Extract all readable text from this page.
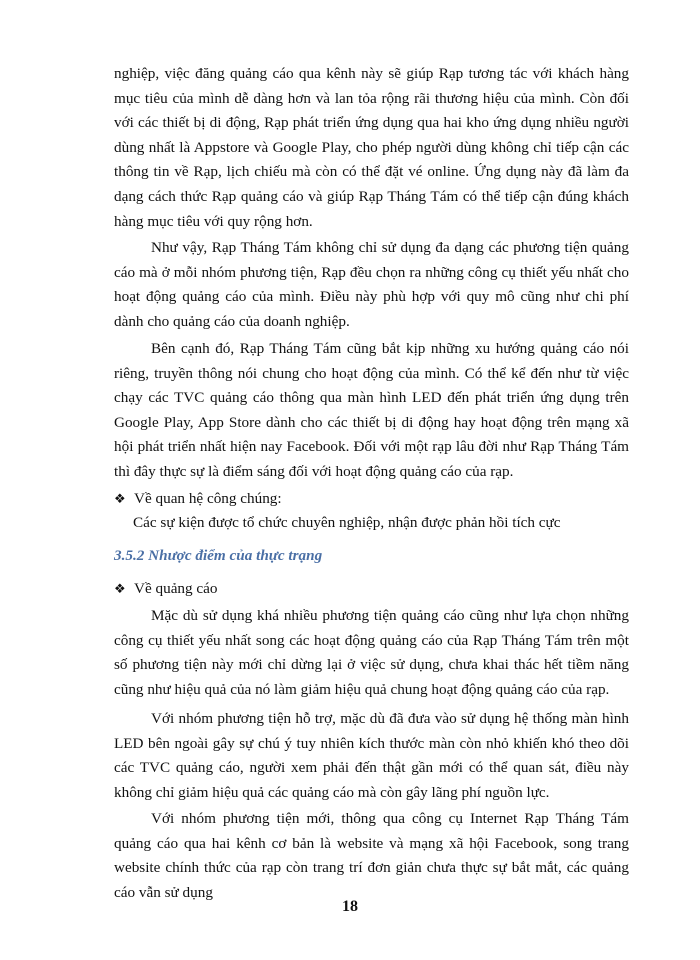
nghiệp, việc đăng quảng cáo qua kênh này sẽ giúp Rạp tương tác với khách hàng mục tiêu của mình dễ dàng hơn và lan tỏa rộng rãi thương hiệu của mình. Còn đối với các thiết bị di động, Rạp phát triển ứng dụng qua hai kho ứng dụng nhiều người dùng nhất là Appstore và Google Play, cho phép người dùng không chỉ tiếp cận các thông tin về Rạp, lịch chiếu mà còn có thể đặt vé online. Ứng dụng này đã làm đa dạng cách thức Rạp quảng cáo và giúp Rạp Tháng Tám có thể tiếp cận đúng khách hàng mục tiêu với quy rộng hơn.

Như vậy, Rạp Tháng Tám không chỉ sử dụng đa dạng các phương tiện quảng cáo mà ở mỗi nhóm phương tiện, Rạp đều chọn ra những công cụ thiết yếu nhất cho hoạt động quảng cáo của mình. Điều này phù hợp với quy mô cũng như chi phí dành cho quảng cáo của doanh nghiệp.

Bên cạnh đó, Rạp Tháng Tám cũng bắt kịp những xu hướng quảng cáo nói riêng, truyền thông nói chung cho hoạt động của mình. Có thể kể đến như từ việc chạy các TVC quảng cáo thông qua màn hình LED đến phát triển ứng dụng trên Google Play, App Store dành cho các thiết bị di động hay hoạt động trên mạng xã hội phát triển nhất hiện nay Facebook. Đối với một rạp lâu đời như Rạp Tháng Tám thì đây thực sự là điểm sáng đối với hoạt động quảng cáo của rạp.

❖ Về quan hệ công chúng:

Các sự kiện được tổ chức chuyên nghiệp, nhận được phản hồi tích cực

3.5.2 Nhược điểm của thực trạng

❖ Về quảng cáo

Mặc dù sử dụng khá nhiều phương tiện quảng cáo cũng như lựa chọn những công cụ thiết yếu nhất song các hoạt động quảng cáo của Rạp Tháng Tám trên một số phương tiện này mới chỉ dừng lại ở việc sử dụng, chưa khai thác hết tiềm năng cũng như hiệu quả của nó làm giảm hiệu quả chung hoạt động quảng cáo của rạp.

Với nhóm phương tiện hỗ trợ, mặc dù đã đưa vào sử dụng hệ thống màn hình LED bên ngoài gây sự chú ý tuy nhiên kích thước màn còn nhỏ khiến khó theo dõi các TVC quảng cáo, người xem phải đến thật gần mới có thể quan sát, điều này không chỉ giảm hiệu quả các quảng cáo mà còn gây lãng phí nguồn lực.

Với nhóm phương tiện mới, thông qua công cụ Internet Rạp Tháng Tám quảng cáo qua hai kênh cơ bản là website và mạng xã hội Facebook, song trang website chính thức của rạp còn trang trí đơn giản chưa thực sự bắt mắt, các quảng cáo vẫn sử dụng

18
